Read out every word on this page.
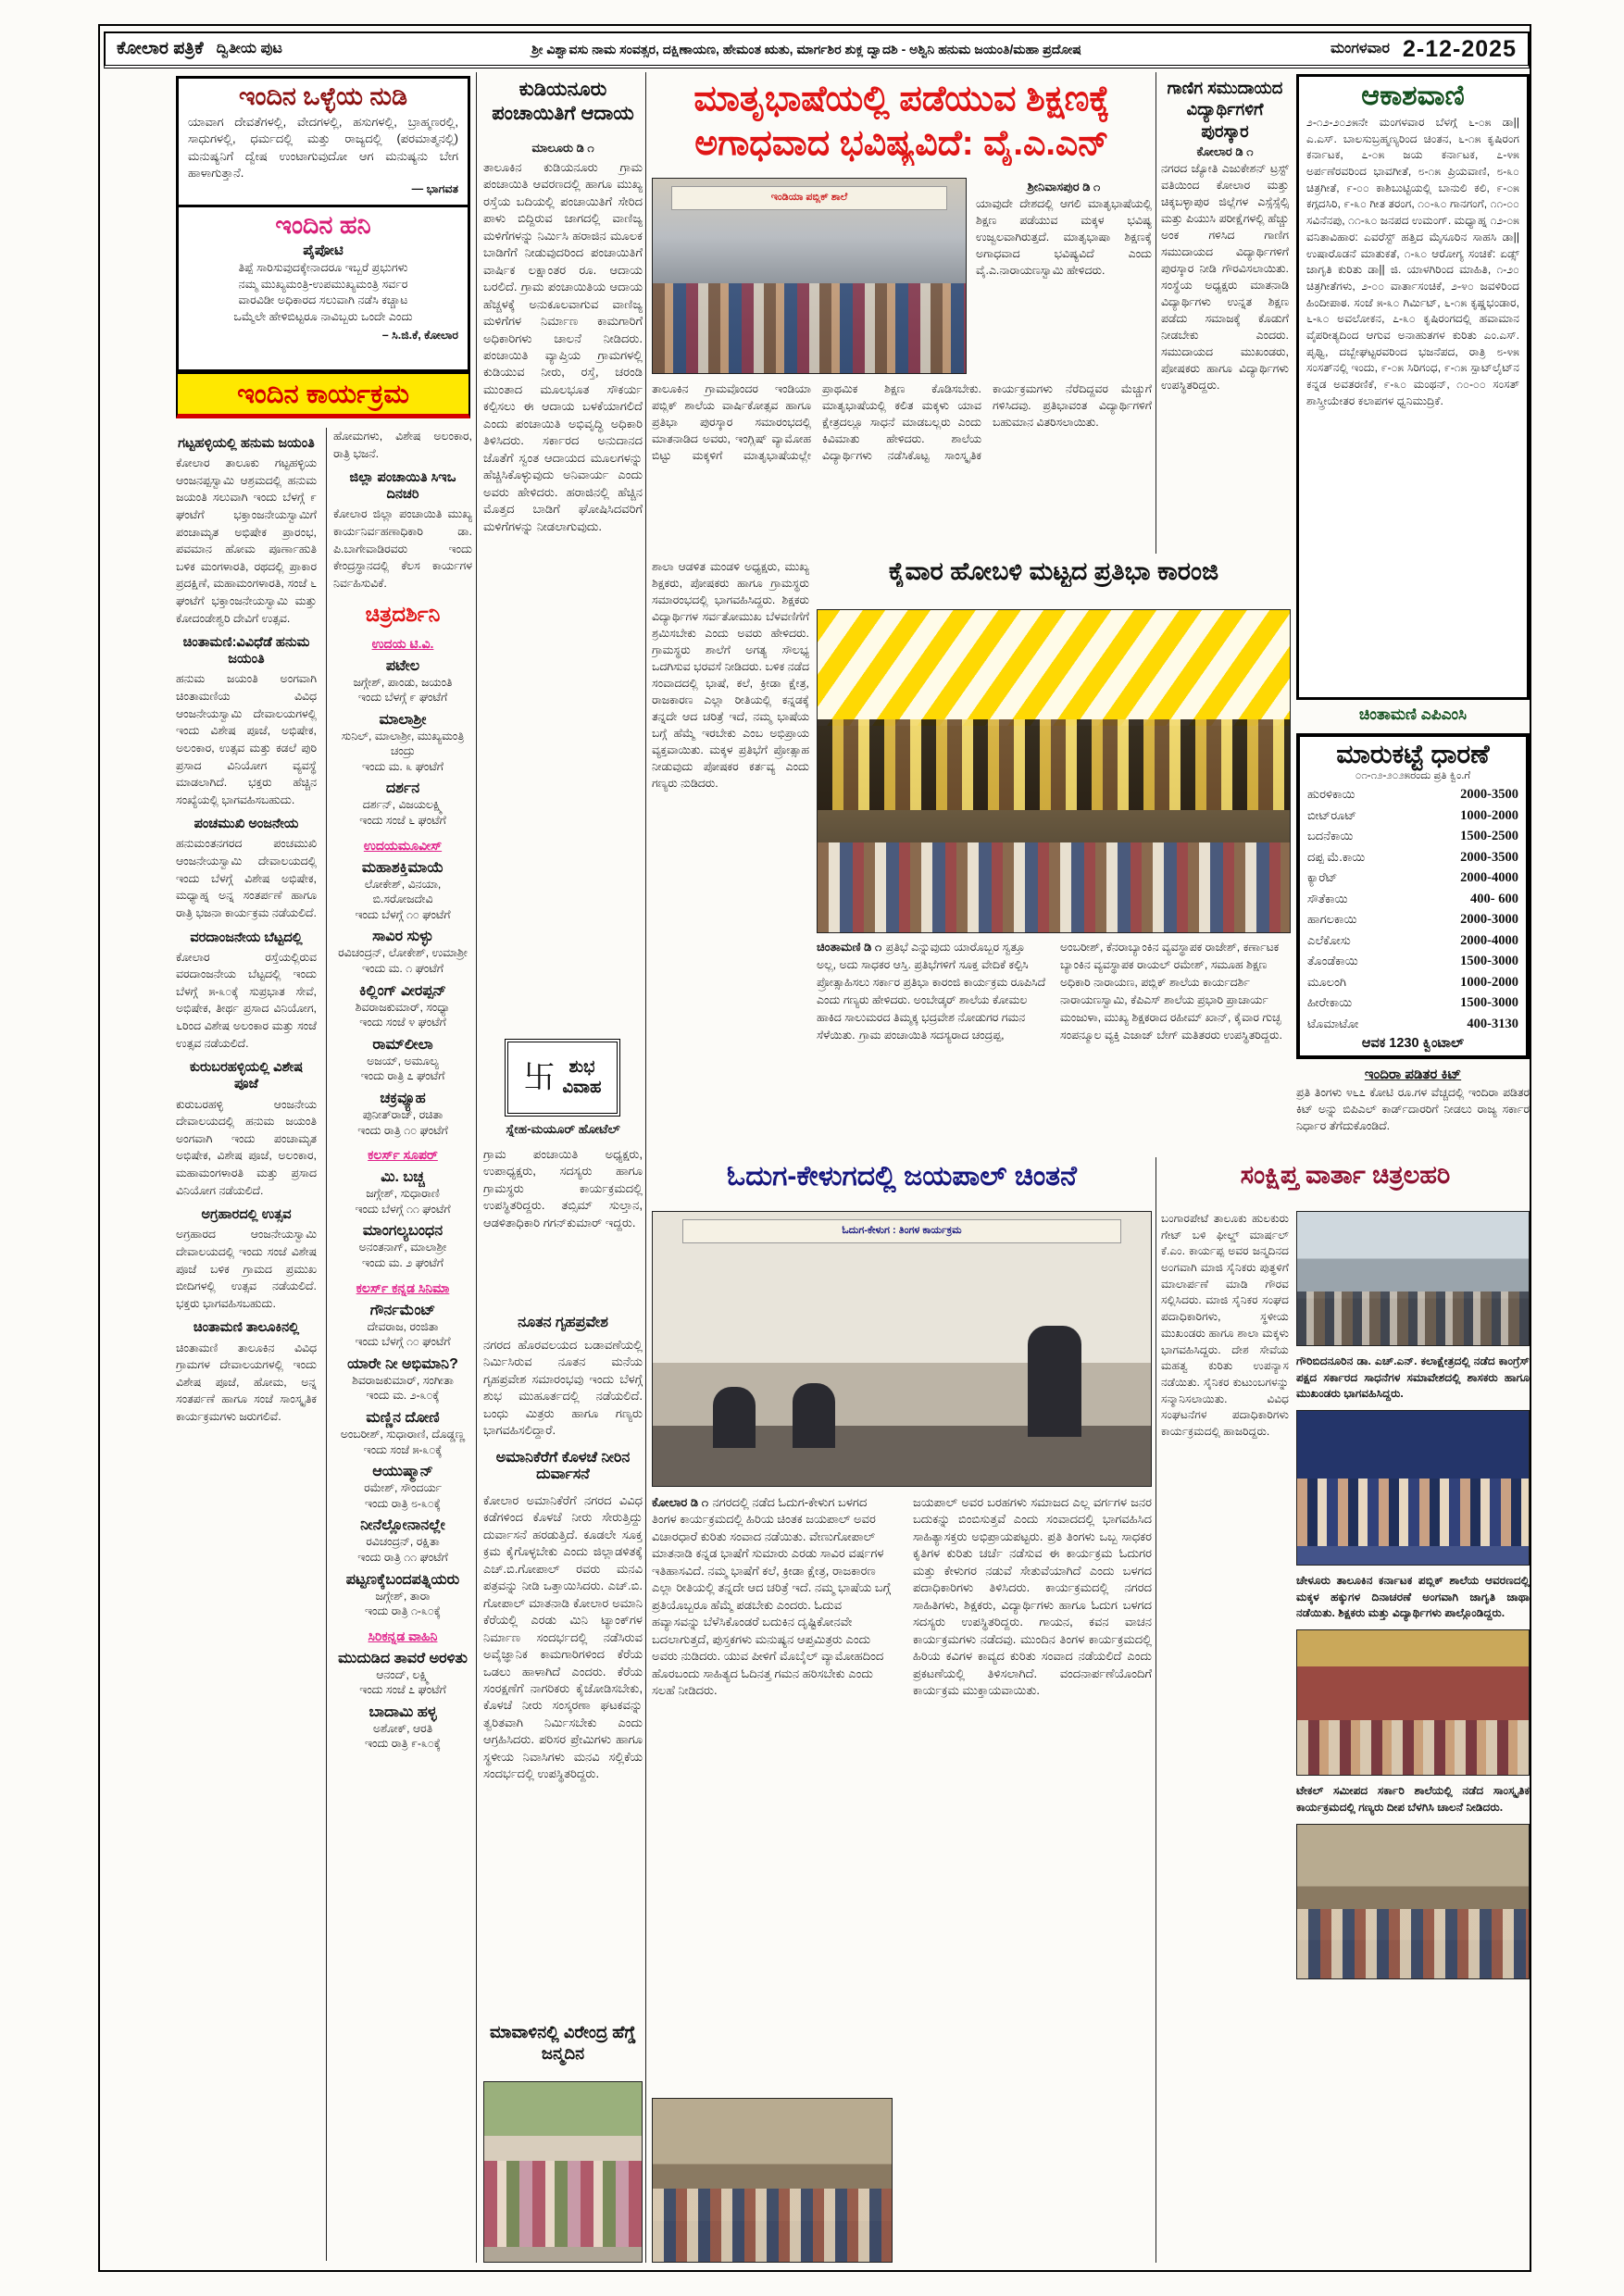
ಕೋಲಾರ ಪತ್ರಿಕೆ ದ್ವಿತೀಯ ಪುಟ	ಶ್ರೀ ವಿಶ್ವಾವಸು ನಾಮ ಸಂವತ್ಸರ, ದಕ್ಷಿಣಾಯಣ, ಹೇಮಂತ ಋತು, ಮಾರ್ಗಶಿರ ಶುಕ್ಲ ದ್ವಾದಶಿ - ಅಶ್ವಿನಿ ಹನುಮ ಜಯಂತಿ/ಮಹಾ ಪ್ರದೋಷ	ಮಂಗಳವಾರ 2-12-2025
ಇಂದಿನ ಒಳ್ಳೆಯ ನುಡಿ
ಯಾವಾಗ ದೇವತೆಗಳಲ್ಲಿ, ವೇದಗಳಲ್ಲಿ, ಹಸುಗಳಲ್ಲಿ, ಬ್ರಾಹ್ಮಣರಲ್ಲಿ, ಸಾಧುಗಳಲ್ಲಿ, ಧರ್ಮದಲ್ಲಿ ಮತ್ತು ರಾಜ್ಯದಲ್ಲಿ (ಪರಮಾತ್ಮನಲ್ಲಿ) ಮನುಷ್ಯನಿಗೆ ದ್ವೇಷ ಉಂಟಾಗುವುದೋ ಆಗ ಮನುಷ್ಯನು ಬೇಗ ಹಾಳಾಗುತ್ತಾನೆ.
— ಭಾಗವತ
ಇಂದಿನ ಹನಿ
ಪೈಪೋಟಿ
ತಿಪ್ಪೆ ಸಾರಿಸುವುದಕ್ಕೇನಾದರೂ ಇಬ್ಬರೆ ಪ್ರಭುಗಳು
ನಮ್ಮ ಮುಖ್ಯಮಂತ್ರಿ-ಉಪಮುಖ್ಯಮಂತ್ರಿ ಸರ್ವರ
ವಾರವಿಡೀ ಅಧಿಕಾರದ ಸಲುವಾಗಿ ನಡೆಸಿ ಕಚ್ಚಾಟ
ಒಮ್ಮೆಲೇ ಹೇಳಿಬಿಟ್ಟರೂ ನಾವಿಬ್ಬರು ಒಂದೇ ಎಂದು
– ಸಿ.ಜಿ.ಕೆ, ಕೋಲಾರ
ಇಂದಿನ ಕಾರ್ಯಕ್ರಮ
ಗಟ್ಟಹಳ್ಳಿಯಲ್ಲಿ ಹನುಮ ಜಯಂತಿ
ಕೋಲಾರ ತಾಲೂಕು ಗಟ್ಟಹಳ್ಳಿಯ ಆಂಜನಪ್ಪಸ್ವಾಮಿ ಆಶ್ರಮದಲ್ಲಿ ಹನುಮ ಜಯಂತಿ ಸಲುವಾಗಿ ಇಂದು ಬೆಳಗ್ಗೆ ೯ ಘಂಟೆಗೆ ಭಕ್ತಾಂಜನೇಯಸ್ವಾಮಿಗೆ ಪಂಚಾಮೃತ ಅಭಿಷೇಕ ಪ್ರಾರಂಭ, ಪವಮಾನ ಹೋಮ ಪೂರ್ಣಾಹುತಿ ಬಳಿಕ ಮಂಗಳಾರತಿ, ರಥದಲ್ಲಿ ಪ್ರಾಕಾರ ಪ್ರದಕ್ಷಿಣೆ, ಮಹಾಮಂಗಳಾರತಿ, ಸಂಜೆ ೬ ಘಂಟೆಗೆ ಭಕ್ತಾಂಜನೇಯಸ್ವಾಮಿ ಮತ್ತು ಕೋದಂಡೇಶ್ವರಿ ದೇವಿಗೆ ಉತ್ಸವ.
ಚಿಂತಾಮಣಿ:ವಿವಿಧೆಡೆ ಹನುಮ ಜಯಂತಿ
ಹನುಮ ಜಯಂತಿ ಅಂಗವಾಗಿ ಚಿಂತಾಮಣಿಯ ವಿವಿಧ ಆಂಜನೇಯಸ್ವಾಮಿ ದೇವಾಲಯಗಳಲ್ಲಿ ಇಂದು ವಿಶೇಷ ಪೂಜೆ, ಅಭಿಷೇಕ, ಅಲಂಕಾರ, ಉತ್ಸವ ಮತ್ತು ಕಡಲೆ ಪುರಿ ಪ್ರಸಾದ ವಿನಿಯೋಗ ವ್ಯವಸ್ಥೆ ಮಾಡಲಾಗಿದೆ. ಭಕ್ತರು ಹೆಚ್ಚಿನ ಸಂಖ್ಯೆಯಲ್ಲಿ ಭಾಗವಹಿಸಬಹುದು.
ಪಂಚಮುಖಿ ಅಂಜನೇಯ
ಹನುಮಂತನಗರದ ಪಂಚಮುಖಿ ಆಂಜನೇಯಸ್ವಾಮಿ ದೇವಾಲಯದಲ್ಲಿ ಇಂದು ಬೆಳಗ್ಗೆ ವಿಶೇಷ ಅಭಿಷೇಕ, ಮಧ್ಯಾಹ್ನ ಅನ್ನ ಸಂತರ್ಪಣೆ ಹಾಗೂ ರಾತ್ರಿ ಭಜನಾ ಕಾರ್ಯಕ್ರಮ ನಡೆಯಲಿದೆ.
ವರದಾಂಜನೇಯ ಬೆಟ್ಟದಲ್ಲಿ
ಕೋಲಾರ ರಸ್ತೆಯಲ್ಲಿರುವ ವರದಾಂಜನೇಯ ಬೆಟ್ಟದಲ್ಲಿ ಇಂದು ಬೆಳಗ್ಗೆ ೫-೩೦ಕ್ಕೆ ಸುಪ್ರಭಾತ ಸೇವೆ, ಅಭಿಷೇಕ, ತೀರ್ಥ ಪ್ರಸಾದ ವಿನಿಯೋಗ, ೬ರಿಂದ ವಿಶೇಷ ಅಲಂಕಾರ ಮತ್ತು ಸಂಜೆ ಉತ್ಸವ ನಡೆಯಲಿದೆ.
ಕುರುಬರಹಳ್ಳಿಯಲ್ಲಿ ವಿಶೇಷ ಪೂಜೆ
ಕುರುಬರಹಳ್ಳಿ ಆಂಜನೇಯ ದೇವಾಲಯದಲ್ಲಿ ಹನುಮ ಜಯಂತಿ ಅಂಗವಾಗಿ ಇಂದು ಪಂಚಾಮೃತ ಅಭಿಷೇಕ, ವಿಶೇಷ ಪೂಜೆ, ಅಲಂಕಾರ, ಮಹಾಮಂಗಳಾರತಿ ಮತ್ತು ಪ್ರಸಾದ ವಿನಿಯೋಗ ನಡೆಯಲಿದೆ.
ಅಗ್ರಹಾರದಲ್ಲಿ ಉತ್ಸವ
ಅಗ್ರಹಾರದ ಆಂಜನೇಯಸ್ವಾಮಿ ದೇವಾಲಯದಲ್ಲಿ ಇಂದು ಸಂಜೆ ವಿಶೇಷ ಪೂಜೆ ಬಳಿಕ ಗ್ರಾಮದ ಪ್ರಮುಖ ಬೀದಿಗಳಲ್ಲಿ ಉತ್ಸವ ನಡೆಯಲಿದೆ. ಭಕ್ತರು ಭಾಗವಹಿಸಬಹುದು.
ಚಿಂತಾಮಣಿ ತಾಲೂಕಿನಲ್ಲಿ
ಚಿಂತಾಮಣಿ ತಾಲೂಕಿನ ವಿವಿಧ ಗ್ರಾಮಗಳ ದೇವಾಲಯಗಳಲ್ಲಿ ಇಂದು ವಿಶೇಷ ಪೂಜೆ, ಹೋಮ, ಅನ್ನ ಸಂತರ್ಪಣೆ ಹಾಗೂ ಸಂಜೆ ಸಾಂಸ್ಕೃತಿಕ ಕಾರ್ಯಕ್ರಮಗಳು ಜರುಗಲಿವೆ.
ಹೋಮಗಳು, ವಿಶೇಷ ಅಲಂಕಾರ, ರಾತ್ರಿ ಭಜನೆ.
ಜಿಲ್ಲಾ ಪಂಚಾಯಿತಿ ಸಿಇಒ ದಿನಚರಿ
ಕೋಲಾರ ಜಿಲ್ಲಾ ಪಂಚಾಯಿತಿ ಮುಖ್ಯ ಕಾರ್ಯನಿರ್ವಹಣಾಧಿಕಾರಿ ಡಾ. ಪಿ.ಬಾಗೇವಾಡಿರವರು ಇಂದು ಕೇಂದ್ರಸ್ಥಾನದಲ್ಲಿ ಕೆಲಸ ಕಾರ್ಯಗಳ ನಿರ್ವಹಿಸುವಿಕೆ.
ಚಿತ್ರದರ್ಶಿನಿ
ಉದಯ ಟಿ.ವಿ.
ಪಟೇಲ
ಜಗ್ಗೇಶ್, ಪಾಂಡು, ಜಯಂತಿ
ಇಂದು ಬೆಳಗ್ಗೆ ೯ ಘಂಟೆಗೆ
ಮಾಲಾಶ್ರೀ
ಸುನಿಲ್, ಮಾಲಾಶ್ರೀ, ಮುಖ್ಯಮಂತ್ರಿ ಚಂದ್ರು
ಇಂದು ಮ. ೩ ಘಂಟೆಗೆ
ದರ್ಶನ
ದರ್ಶನ್, ವಿಜಯಲಕ್ಷ್ಮಿ
ಇಂದು ಸಂಜೆ ೬ ಘಂಟೆಗೆ
ಉದಯಮೂವೀಸ್
ಮಹಾಶಕ್ತಿಮಾಯೆ
ಲೋಕೇಶ್, ವಿನಯಾ, ಬಿ.ಸರೋಜದೇವಿ
ಇಂದು ಬೆಳಗ್ಗೆ ೧೦ ಘಂಟೆಗೆ
ಸಾವಿರ ಸುಳ್ಳು
ರವಿಚಂದ್ರನ್, ಲೋಕೇಶ್, ಉಮಾಶ್ರೀ
ಇಂದು ಮ. ೧ ಘಂಟೆಗೆ
ಕಿಲ್ಲಿಂಗ್ ವೀರಪ್ಪನ್
ಶಿವರಾಜಕುಮಾರ್, ಸಂಧ್ಯಾ
ಇಂದು ಸಂಜೆ ೪ ಘಂಟೆಗೆ
ರಾಮ್‌ಲೀಲಾ
ಅಜಯ್, ಅಮೂಲ್ಯ
ಇಂದು ರಾತ್ರಿ ೭ ಘಂಟೆಗೆ
ಚಕ್ರವ್ಯೂಹ
ಪುನೀತ್‌ರಾಜ್, ರಚಿತಾ
ಇಂದು ರಾತ್ರಿ ೧೦ ಘಂಟೆಗೆ
ಕಲರ್ಸ್ ಸೂಪರ್
ಮಿ. ಬಚ್ಚ
ಜಗ್ಗೇಶ್, ಸುಧಾರಾಣಿ
ಇಂದು ಬೆಳಗ್ಗೆ ೧೧ ಘಂಟೆಗೆ
ಮಾಂಗಲ್ಯಬಂಧನ
ಅನಂತನಾಗ್, ಮಾಲಾಶ್ರೀ
ಇಂದು ಮ. ೨ ಘಂಟೆಗೆ
ಕಲರ್ಸ್ ಕನ್ನಡ ಸಿನಿಮಾ
ಗೌರ್ನಮೆಂಟ್
ದೇವರಾಜ, ರಂಜಿತಾ
ಇಂದು ಬೆಳಗ್ಗೆ ೧೦ ಘಂಟೆಗೆ
ಯಾರೇ ನೀ ಅಭಿಮಾನಿ?
ಶಿವರಾಜಕುಮಾರ್, ಸಂಗೀತಾ
ಇಂದು ಮ. ೨-೩೦ಕ್ಕೆ
ಮಣ್ಣಿನ ದೋಣಿ
ಅಂಬರೀಶ್, ಸುಧಾರಾಣಿ, ದೊಡ್ಡಣ್ಣ
ಇಂದು ಸಂಜೆ ೫-೩೦ಕ್ಕೆ
ಆಯುಷ್ಮಾನ್
ರಮೇಶ್, ಸೌಂದರ್ಯ
ಇಂದು ರಾತ್ರಿ ೮-೩೦ಕ್ಕೆ
ನೀನೆಲ್ಲೋನಾನಲ್ಲೇ
ರವಿಚಂದ್ರನ್, ರಕ್ಷಿತಾ
ಇಂದು ರಾತ್ರಿ ೧೧ ಘಂಟೆಗೆ
ಪಟ್ಟಣಕ್ಕೆಬಂದಪತ್ನಿಯರು
ಜಗ್ಗೇಶ್, ತಾರಾ
ಇಂದು ರಾತ್ರಿ ೧-೩೦ಕ್ಕೆ
ಸಿರಿಕನ್ನಡ ವಾಹಿನಿ
ಮುದುಡಿದ ತಾವರೆ ಅರಳಿತು
ಆನಂದ್, ಲಕ್ಷ್ಮಿ
ಇಂದು ಸಂಜೆ ೭ ಘಂಟೆಗೆ
ಬಾದಾಮಿ ಹಳ್ಳ
ಅಶೋಕ್, ಆರತಿ
ಇಂದು ರಾತ್ರಿ ೯-೩೦ಕ್ಕೆ
ಕುಡಿಯನೂರು ಪಂಚಾಯಿತಿಗೆ ಆದಾಯ
ಮಾಲೂರು ಡಿ ೧
ತಾಲೂಕಿನ ಕುಡಿಯನೂರು ಗ್ರಾಮ ಪಂಚಾಯಿತಿ ಆವರಣದಲ್ಲಿ ಹಾಗೂ ಮುಖ್ಯ ರಸ್ತೆಯ ಬದಿಯಲ್ಲಿ ಪಂಚಾಯಿತಿಗೆ ಸೇರಿದ ಪಾಳು ಬಿದ್ದಿರುವ ಜಾಗದಲ್ಲಿ ವಾಣಿಜ್ಯ ಮಳಿಗೆಗಳನ್ನು ನಿರ್ಮಿಸಿ ಹರಾಜಿನ ಮೂಲಕ ಬಾಡಿಗೆಗೆ ನೀಡುವುದರಿಂದ ಪಂಚಾಯಿತಿಗೆ ವಾರ್ಷಿಕ ಲಕ್ಷಾಂತರ ರೂ. ಆದಾಯ ಬರಲಿದೆ. ಗ್ರಾಮ ಪಂಚಾಯಿತಿಯ ಆದಾಯ ಹೆಚ್ಚಳಕ್ಕೆ ಅನುಕೂಲವಾಗುವ ವಾಣಿಜ್ಯ ಮಳಿಗೆಗಳ ನಿರ್ಮಾಣ ಕಾಮಗಾರಿಗೆ ಅಧಿಕಾರಿಗಳು ಚಾಲನೆ ನೀಡಿದರು. ಪಂಚಾಯಿತಿ ವ್ಯಾಪ್ತಿಯ ಗ್ರಾಮಗಳಲ್ಲಿ ಕುಡಿಯುವ ನೀರು, ರಸ್ತೆ, ಚರಂಡಿ ಮುಂತಾದ ಮೂಲಭೂತ ಸೌಕರ್ಯ ಕಲ್ಪಿಸಲು ಈ ಆದಾಯ ಬಳಕೆಯಾಗಲಿದೆ ಎಂದು ಪಂಚಾಯಿತಿ ಅಭಿವೃದ್ಧಿ ಅಧಿಕಾರಿ ತಿಳಿಸಿದರು. ಸರ್ಕಾರದ ಅನುದಾನದ ಜೊತೆಗೆ ಸ್ವಂತ ಆದಾಯದ ಮೂಲಗಳನ್ನು ಹೆಚ್ಚಿಸಿಕೊಳ್ಳುವುದು ಅನಿವಾರ್ಯ ಎಂದು ಅವರು ಹೇಳಿದರು. ಹರಾಜಿನಲ್ಲಿ ಹೆಚ್ಚಿನ ಮೊತ್ತದ ಬಾಡಿಗೆ ಘೋಷಿಸಿದವರಿಗೆ ಮಳಿಗೆಗಳನ್ನು ನೀಡಲಾಗುವುದು.
卐 ಶುಭ
ವಿವಾಹ
ಸ್ನೇಹ-ಮಯೂರ್ ಹೋಟೆಲ್
ಗ್ರಾಮ ಪಂಚಾಯಿತಿ ಅಧ್ಯಕ್ಷರು, ಉಪಾಧ್ಯಕ್ಷರು, ಸದಸ್ಯರು ಹಾಗೂ ಗ್ರಾಮಸ್ಥರು ಕಾರ್ಯಕ್ರಮದಲ್ಲಿ ಉಪಸ್ಥಿತರಿದ್ದರು. ತಬ್ಸಿಮ್ ಸುಲ್ತಾನ, ಆಡಳಿತಾಧಿಕಾರಿ ಗಗನ್‌ಕುಮಾರ್ ಇದ್ದರು.
ನೂತನ ಗೃಹಪ್ರವೇಶ
ನಗರದ ಹೊರವಲಯದ ಬಡಾವಣೆಯಲ್ಲಿ ನಿರ್ಮಿಸಿರುವ ನೂತನ ಮನೆಯ ಗೃಹಪ್ರವೇಶ ಸಮಾರಂಭವು ಇಂದು ಬೆಳಗ್ಗೆ ಶುಭ ಮುಹೂರ್ತದಲ್ಲಿ ನಡೆಯಲಿದೆ. ಬಂಧು ಮಿತ್ರರು ಹಾಗೂ ಗಣ್ಯರು ಭಾಗವಹಿಸಲಿದ್ದಾರೆ.
ಅಮಾನಿಕೆರೆಗೆ ಕೊಳಚೆ ನೀರಿನ ದುರ್ವಾಸನೆ
ಕೋಲಾರ ಅಮಾನಿಕೆರೆಗೆ ನಗರದ ವಿವಿಧ ಕಡೆಗಳಿಂದ ಕೊಳಚೆ ನೀರು ಸೇರುತ್ತಿದ್ದು ದುರ್ವಾಸನೆ ಹರಡುತ್ತಿದೆ. ಕೂಡಲೇ ಸೂಕ್ತ ಕ್ರಮ ಕೈಗೊಳ್ಳಬೇಕು ಎಂದು ಜಿಲ್ಲಾಡಳಿತಕ್ಕೆ ಎಚ್.ಬಿ.ಗೋಪಾಲ್ ರವರು ಮನವಿ ಪತ್ರವನ್ನು ನೀಡಿ ಒತ್ತಾಯಿಸಿದರು. ಎಚ್.ಬಿ. ಗೋಪಾಲ್ ಮಾತನಾಡಿ ಕೋಲಾರ ಅಮಾನಿ ಕೆರೆಯಲ್ಲಿ ಎರಡು ಮಿನಿ ಟ್ಯಾಂಕ್‌ಗಳ ನಿರ್ಮಾಣ ಸಂದರ್ಭದಲ್ಲಿ ನಡೆಸಿರುವ ಅವೈಜ್ಞಾನಿಕ ಕಾಮಗಾರಿಗಳಿಂದ ಕೆರೆಯ ಒಡಲು ಹಾಳಾಗಿದೆ ಎಂದರು. ಕೆರೆಯ ಸಂರಕ್ಷಣೆಗೆ ನಾಗರಿಕರು ಕೈಜೋಡಿಸಬೇಕು, ಕೊಳಚೆ ನೀರು ಸಂಸ್ಕರಣಾ ಘಟಕವನ್ನು ತ್ವರಿತವಾಗಿ ನಿರ್ಮಿಸಬೇಕು ಎಂದು ಆಗ್ರಹಿಸಿದರು. ಪರಿಸರ ಪ್ರೇಮಿಗಳು ಹಾಗೂ ಸ್ಥಳೀಯ ನಿವಾಸಿಗಳು ಮನವಿ ಸಲ್ಲಿಕೆಯ ಸಂದರ್ಭದಲ್ಲಿ ಉಪಸ್ಥಿತರಿದ್ದರು.
ಮಾವಾಳಿನಲ್ಲಿ ವಿರೇಂದ್ರ ಹೆಗ್ಡೆ ಜನ್ಮದಿನ
ಮಾತೃಭಾಷೆಯಲ್ಲಿ ಪಡೆಯುವ ಶಿಕ್ಷಣಕ್ಕೆ
ಅಗಾಧವಾದ ಭವಿಷ್ಯವಿದೆ: ವೈ.ಎ.ಎನ್
ಇಂಡಿಯಾ ಪಬ್ಲಿಕ್ ಶಾಲೆ
ಶ್ರೀನಿವಾಸಪುರ ಡಿ ೧
ಯಾವುದೇ ದೇಶದಲ್ಲಿ ಆಗಲಿ ಮಾತೃಭಾಷೆಯಲ್ಲಿ ಶಿಕ್ಷಣ ಪಡೆಯುವ ಮಕ್ಕಳ ಭವಿಷ್ಯ ಉಜ್ವಲವಾಗಿರುತ್ತದೆ. ಮಾತೃಭಾಷಾ ಶಿಕ್ಷಣಕ್ಕೆ ಅಗಾಧವಾದ ಭವಿಷ್ಯವಿದೆ ಎಂದು ವೈ.ಎ.ನಾರಾಯಣಸ್ವಾಮಿ ಹೇಳಿದರು.
ತಾಲೂಕಿನ ಗ್ರಾಮವೊಂದರ ಇಂಡಿಯಾ ಪಬ್ಲಿಕ್ ಶಾಲೆಯ ವಾರ್ಷಿಕೋತ್ಸವ ಹಾಗೂ ಪ್ರತಿಭಾ ಪುರಸ್ಕಾರ ಸಮಾರಂಭದಲ್ಲಿ ಮಾತನಾಡಿದ ಅವರು, ಇಂಗ್ಲಿಷ್ ವ್ಯಾಮೋಹ ಬಿಟ್ಟು ಮಕ್ಕಳಿಗೆ ಮಾತೃಭಾಷೆಯಲ್ಲೇ ಪ್ರಾಥಮಿಕ ಶಿಕ್ಷಣ ಕೊಡಿಸಬೇಕು. ಮಾತೃಭಾಷೆಯಲ್ಲಿ ಕಲಿತ ಮಕ್ಕಳು ಯಾವ ಕ್ಷೇತ್ರದಲ್ಲೂ ಸಾಧನೆ ಮಾಡಬಲ್ಲರು ಎಂದು ಕಿವಿಮಾತು ಹೇಳಿದರು. ಶಾಲೆಯ ವಿದ್ಯಾರ್ಥಿಗಳು ನಡೆಸಿಕೊಟ್ಟ ಸಾಂಸ್ಕೃತಿಕ ಕಾರ್ಯಕ್ರಮಗಳು ನೆರೆದಿದ್ದವರ ಮೆಚ್ಚುಗೆ ಗಳಿಸಿದವು. ಪ್ರತಿಭಾವಂತ ವಿದ್ಯಾರ್ಥಿಗಳಿಗೆ ಬಹುಮಾನ ವಿತರಿಸಲಾಯಿತು.
ಶಾಲಾ ಆಡಳಿತ ಮಂಡಳಿ ಅಧ್ಯಕ್ಷರು, ಮುಖ್ಯ ಶಿಕ್ಷಕರು, ಪೋಷಕರು ಹಾಗೂ ಗ್ರಾಮಸ್ಥರು ಸಮಾರಂಭದಲ್ಲಿ ಭಾಗವಹಿಸಿದ್ದರು. ಶಿಕ್ಷಕರು ವಿದ್ಯಾರ್ಥಿಗಳ ಸರ್ವತೋಮುಖ ಬೆಳವಣಿಗೆಗೆ ಶ್ರಮಿಸಬೇಕು ಎಂದು ಅವರು ಹೇಳಿದರು. ಗ್ರಾಮಸ್ಥರು ಶಾಲೆಗೆ ಅಗತ್ಯ ಸೌಲಭ್ಯ ಒದಗಿಸುವ ಭರವಸೆ ನೀಡಿದರು. ಬಳಿಕ ನಡೆದ ಸಂವಾದದಲ್ಲಿ ಭಾಷೆ, ಕಲೆ, ಕ್ರೀಡಾ ಕ್ಷೇತ್ರ, ರಾಜಕಾರಣ ಎಲ್ಲಾ ರೀತಿಯಲ್ಲಿ ಕನ್ನಡಕ್ಕೆ ತನ್ನದೇ ಆದ ಚರಿತ್ರೆ ಇದೆ, ನಮ್ಮ ಭಾಷೆಯ ಬಗ್ಗೆ ಹೆಮ್ಮೆ ಇರಬೇಕು ಎಂಬ ಅಭಿಪ್ರಾಯ ವ್ಯಕ್ತವಾಯಿತು. ಮಕ್ಕಳ ಪ್ರತಿಭೆಗೆ ಪ್ರೋತ್ಸಾಹ ನೀಡುವುದು ಪೋಷಕರ ಕರ್ತವ್ಯ ಎಂದು ಗಣ್ಯರು ನುಡಿದರು.
ಗಾಣಿಗ ಸಮುದಾಯದ ವಿದ್ಯಾರ್ಥಿಗಳಿಗೆ ಪುರಸ್ಕಾರ
ಕೋಲಾರ ಡಿ ೧
ನಗರದ ಜ್ಯೋತಿ ಎಜುಕೇಶನ್ ಟ್ರಸ್ಟ್ ವತಿಯಿಂದ ಕೋಲಾರ ಮತ್ತು ಚಿಕ್ಕಬಳ್ಳಾಪುರ ಜಿಲ್ಲೆಗಳ ಎಸ್ಸೆಸ್ಸೆಲ್ಸಿ ಮತ್ತು ಪಿಯುಸಿ ಪರೀಕ್ಷೆಗಳಲ್ಲಿ ಹೆಚ್ಚು ಅಂಕ ಗಳಿಸಿದ ಗಾಣಿಗ ಸಮುದಾಯದ ವಿದ್ಯಾರ್ಥಿಗಳಿಗೆ ಪುರಸ್ಕಾರ ನೀಡಿ ಗೌರವಿಸಲಾಯಿತು. ಸಂಸ್ಥೆಯ ಅಧ್ಯಕ್ಷರು ಮಾತನಾಡಿ ವಿದ್ಯಾರ್ಥಿಗಳು ಉನ್ನತ ಶಿಕ್ಷಣ ಪಡೆದು ಸಮಾಜಕ್ಕೆ ಕೊಡುಗೆ ನೀಡಬೇಕು ಎಂದರು. ಸಮುದಾಯದ ಮುಖಂಡರು, ಪೋಷಕರು ಹಾಗೂ ವಿದ್ಯಾರ್ಥಿಗಳು ಉಪಸ್ಥಿತರಿದ್ದರು.
ಕೈವಾರ ಹೋಬಳಿ ಮಟ್ಟದ ಪ್ರತಿಭಾ ಕಾರಂಜಿ
ಚಿಂತಾಮಣಿ ಡಿ ೧ ಪ್ರತಿಭೆ ಎನ್ನುವುದು ಯಾರೊಬ್ಬರ ಸ್ವತ್ತೂ ಅಲ್ಲ, ಅದು ಸಾಧಕರ ಆಸ್ತಿ. ಪ್ರತಿಭೆಗಳಿಗೆ ಸೂಕ್ತ ವೇದಿಕೆ ಕಲ್ಪಿಸಿ ಪ್ರೋತ್ಸಾಹಿಸಲು ಸರ್ಕಾರ ಪ್ರತಿಭಾ ಕಾರಂಜಿ ಕಾರ್ಯಕ್ರಮ ರೂಪಿಸಿದೆ ಎಂದು ಗಣ್ಯರು ಹೇಳಿದರು. ಅಂಬೇಡ್ಕರ್ ಶಾಲೆಯ ಕೋಮಲ ಹಾಕಿದ ಸಾಲುಮರದ ತಿಮ್ಮಕ್ಕ ಭದ್ರವೇಶ ನೋಡುಗರ ಗಮನ ಸೆಳೆಯಿತು. ಗ್ರಾಮ ಪಂಚಾಯಿತಿ ಸದಸ್ಯರಾದ ಚಂದ್ರಪ್ಪ, ಅಂಬರೀಶ್, ಕೆನರಾಬ್ಯಾಂಕಿನ ವ್ಯವಸ್ಥಾಪಕ ರಾಜೇಶ್, ಕರ್ಣಾಟಕ ಬ್ಯಾಂಕಿನ ವ್ಯವಸ್ಥಾಪಕ ರಾಯಲ್ ರಮೇಶ್, ಸಮೂಹ ಶಿಕ್ಷಣ ಅಧಿಕಾರಿ ನಾರಾಯಣ, ಪಬ್ಲಿಕ್ ಶಾಲೆಯ ಕಾರ್ಯದರ್ಶಿ ನಾರಾಯಣಸ್ವಾಮಿ, ಕೆಪಿಎಸ್ ಶಾಲೆಯ ಪ್ರಭಾರಿ ಪ್ರಾಚಾರ್ಯ ಮಂಜುಳಾ, ಮುಖ್ಯ ಶಿಕ್ಷಕರಾದ ರಹೀಮ್ ಖಾನ್, ಕೈವಾರ ಗುಚ್ಛ ಸಂಪನ್ಮೂಲ ವ್ಯಕ್ತಿ ಎಜಾಜ್ ಬೇಗ್ ಮತಿತರರು ಉಪಸ್ಥಿತರಿದ್ದರು.
ಆಕಾಶವಾಣಿ
೨-೧೨-೨೦೨೫ನೇ ಮಂಗಳವಾರ ಬೆಳಗ್ಗೆ ೬-೦೫ ಡಾ|| ಎ.ಎಸ್. ಬಾಲಸುಬ್ರಹ್ಮಣ್ಯರಿಂದ ಚಿಂತನ, ೬-೧೫ ಕೃಷಿರಂಗ ಕರ್ನಾಟಕ, ೭-೦೫ ಜಯ ಕರ್ನಾಟಕ, ೭-೪೫ ಅರ್ಪಣೆರವರಿಂದ ಭಾವಗೀತೆ, ೮-೧೫ ಪ್ರಿಯವಾಣಿ, ೮-೩೦ ಚಿತ್ರಗೀತೆ, ೯-೦೦ ಕಾಶಿಬುಟ್ಟಿಯಲ್ಲಿ ಬಾನುಲಿ ಕಲಿ, ೯-೦೫ ಕಗ್ಗದಸಿರಿ, ೯-೩೦ ಗೀತ ತರಂಗ, ೧೦-೩೦ ಗಾನಗಂಗೆ, ೧೧-೦೦ ಸವಿನೆನಪು, ೧೧-೩೦ ಜನಪದ ಉಮಂಗ್. ಮಧ್ಯಾಹ್ನ ೧೨-೦೫ ವನಿತಾವಿಹಾರ: ಎವರೆಸ್ಟ್ ಹತ್ತಿದ ಮೈಸೂರಿನ ಸಾಹಸಿ ಡಾ||ಉಷಾರೊಡನೆ ಮಾತುಕತೆ, ೧-೩೦ ಆರೋಗ್ಯ ಸಂಚಿಕೆ: ಏಡ್ಸ್ ಜಾಗೃತಿ ಕುರಿತು ಡಾ|| ಜಿ. ಯಾಳಗಿರಿಂದ ಮಾಹಿತಿ, ೧-೨೦ ಚಿತ್ರಗೀತೆಗಳು, ೨-೦೦ ವಾರ್ತಾಸಂಚಿಕೆ, ೨-೪೦ ಜವಳಿರಿಂದ ಹಿಂದೀಪಾಠ. ಸಂಜೆ ೫-೩೦ ಗಿರ್ಮಿಟ್, ೬-೧೫ ಕೃಷ್ಣಭಂಡಾರ, ೬-೩೦ ಅವಲೋಕನ, ೭-೩೦ ಕೃಷಿರಂಗದಲ್ಲಿ ಹವಾಮಾನ ವೈಪರೀತ್ಯದಿಂದ ಆಗುವ ಅನಾಹುತಗಳ ಕುರಿತು ಎಂ.ಎಸ್. ಪೃಥ್ವಿ, ದಬ್ಬೇಘಟ್ಟರವರಿಂದ ಭಜನೆಪದ, ರಾತ್ರಿ ೮-೪೫ ಸಂಸತ್‌ನಲ್ಲಿ ಇಂದು, ೯-೦೫ ಸಿರಿಗಂಧ, ೯-೧೫ ಸ್ಪಾಟ್‌ಲೈಟ್‌ನ ಕನ್ನಡ ಅವತರಣಿಕೆ, ೯-೩೦ ಮಂಥನ್, ೧೦-೦೦ ಸಂಸತ್ ಶಾಸ್ತ್ರೀಯೇತರ ಕಲಾಪಗಳ ಧ್ವನಿಮುದ್ರಿಕೆ.
ಚಿಂತಾಮಣಿ ಎಪಿಎಂಸಿ
ಮಾರುಕಟ್ಟೆ ಧಾರಣೆ
೦೧-೧೨-೨೦೨೫ರಂದು ಪ್ರತಿ ಕ್ವಿಂ.ಗೆ
ಹುರಳಿಕಾಯಿ	2000-3500
ಬೀಟ್‌ರೂಟ್	1000-2000
ಬದನೆಕಾಯಿ	1500-2500
ದಪ್ಪ ಮೆ.ಕಾಯಿ	2000-3500
ಕ್ಯಾರೆಟ್	2000-4000
ಸೌತೆಕಾಯಿ	400- 600
ಹಾಗಲಕಾಯಿ	2000-3000
ಎಲೆಕೋಸು	2000-4000
ತೊಂಡೆಕಾಯಿ	1500-3000
ಮೂಲಂಗಿ	1000-2000
ಹೀರೇಕಾಯಿ	1500-3000
ಟೊಮಾಟೋ	400-3130
ಆವಕ 1230 ಕ್ವಿಂಟಾಲ್
ಇಂದಿರಾ ಪಡಿತರ ಕಿಟ್
ಪ್ರತಿ ತಿಂಗಳು ೪೬೭ ಕೋಟಿ ರೂ.ಗಳ ವೆಚ್ಚದಲ್ಲಿ ಇಂದಿರಾ ಪಡಿತರ ಕಿಟ್ ಅನ್ನು ಬಿಪಿಎಲ್ ಕಾರ್ಡ್‌ದಾರರಿಗೆ ನೀಡಲು ರಾಜ್ಯ ಸರ್ಕಾರ ನಿರ್ಧಾರ ತೆಗೆದುಕೊಂಡಿದೆ.
ಓದುಗ-ಕೇಳುಗದಲ್ಲಿ ಜಯಪಾಲ್ ಚಿಂತನೆ
ಓದುಗ-ಕೇಳುಗ : ತಿಂಗಳ ಕಾರ್ಯಕ್ರಮ
ಕೋಲಾರ ಡಿ ೧ ನಗರದಲ್ಲಿ ನಡೆದ ಓದುಗ-ಕೇಳುಗ ಬಳಗದ ತಿಂಗಳ ಕಾರ್ಯಕ್ರಮದಲ್ಲಿ ಹಿರಿಯ ಚಿಂತಕ ಜಯಪಾಲ್ ಅವರ ವಿಚಾರಧಾರೆ ಕುರಿತು ಸಂವಾದ ನಡೆಯಿತು. ವೇಣುಗೋಪಾಲ್ ಮಾತನಾಡಿ ಕನ್ನಡ ಭಾಷೆಗೆ ಸುಮಾರು ಎರಡು ಸಾವಿರ ವರ್ಷಗಳ ಇತಿಹಾಸವಿದೆ. ನಮ್ಮ ಭಾಷೆಗೆ ಕಲೆ, ಕ್ರೀಡಾ ಕ್ಷೇತ್ರ, ರಾಜಕಾರಣ ಎಲ್ಲಾ ರೀತಿಯಲ್ಲಿ ತನ್ನದೇ ಆದ ಚರಿತ್ರೆ ಇದೆ. ನಮ್ಮ ಭಾಷೆಯ ಬಗ್ಗೆ ಪ್ರತಿಯೊಬ್ಬರೂ ಹೆಮ್ಮೆ ಪಡಬೇಕು ಎಂದರು. ಓದುವ ಹವ್ಯಾಸವನ್ನು ಬೆಳೆಸಿಕೊಂಡರೆ ಬದುಕಿನ ದೃಷ್ಟಿಕೋನವೇ ಬದಲಾಗುತ್ತದೆ, ಪುಸ್ತಕಗಳು ಮನುಷ್ಯನ ಆಪ್ತಮಿತ್ರರು ಎಂದು ಅವರು ನುಡಿದರು. ಯುವ ಪೀಳಿಗೆ ಮೊಬೈಲ್ ವ್ಯಾಮೋಹದಿಂದ ಹೊರಬಂದು ಸಾಹಿತ್ಯದ ಓದಿನತ್ತ ಗಮನ ಹರಿಸಬೇಕು ಎಂದು ಸಲಹೆ ನೀಡಿದರು.
ಜಯಪಾಲ್ ಅವರ ಬರಹಗಳು ಸಮಾಜದ ಎಲ್ಲ ವರ್ಗಗಳ ಜನರ ಬದುಕನ್ನು ಬಿಂಬಿಸುತ್ತವೆ ಎಂದು ಸಂವಾದದಲ್ಲಿ ಭಾಗವಹಿಸಿದ ಸಾಹಿತ್ಯಾಸಕ್ತರು ಅಭಿಪ್ರಾಯಪಟ್ಟರು. ಪ್ರತಿ ತಿಂಗಳು ಒಬ್ಬ ಸಾಧಕರ ಕೃತಿಗಳ ಕುರಿತು ಚರ್ಚೆ ನಡೆಸುವ ಈ ಕಾರ್ಯಕ್ರಮ ಓದುಗರ ಮತ್ತು ಕೇಳುಗರ ನಡುವೆ ಸೇತುವೆಯಾಗಿದೆ ಎಂದು ಬಳಗದ ಪದಾಧಿಕಾರಿಗಳು ತಿಳಿಸಿದರು. ಕಾರ್ಯಕ್ರಮದಲ್ಲಿ ನಗರದ ಸಾಹಿತಿಗಳು, ಶಿಕ್ಷಕರು, ವಿದ್ಯಾರ್ಥಿಗಳು ಹಾಗೂ ಓದುಗ ಬಳಗದ ಸದಸ್ಯರು ಉಪಸ್ಥಿತರಿದ್ದರು. ಗಾಯನ, ಕವನ ವಾಚನ ಕಾರ್ಯಕ್ರಮಗಳು ನಡೆದವು. ಮುಂದಿನ ತಿಂಗಳ ಕಾರ್ಯಕ್ರಮದಲ್ಲಿ ಹಿರಿಯ ಕವಿಗಳ ಕಾವ್ಯದ ಕುರಿತು ಸಂವಾದ ನಡೆಯಲಿದೆ ಎಂದು ಪ್ರಕಟಣೆಯಲ್ಲಿ ತಿಳಿಸಲಾಗಿದೆ. ವಂದನಾರ್ಪಣೆಯೊಂದಿಗೆ ಕಾರ್ಯಕ್ರಮ ಮುಕ್ತಾಯವಾಯಿತು.
ಸಂಕ್ಷಿಪ್ತ ವಾರ್ತಾ ಚಿತ್ರಲಹರಿ
ಬಂಗಾರಪೇಟೆ ತಾಲೂಕು ಹುಲಕುರು ಗೇಟ್ ಬಳಿ ಫೀಲ್ಡ್ ಮಾರ್ಷಲ್ ಕೆ.ಎಂ. ಕಾರ್ಯಪ್ಪ ಅವರ ಜನ್ಮದಿನದ ಅಂಗವಾಗಿ ಮಾಜಿ ಸೈನಿಕರು ಪುತ್ಥಳಿಗೆ ಮಾಲಾರ್ಪಣೆ ಮಾಡಿ ಗೌರವ ಸಲ್ಲಿಸಿದರು. ಮಾಜಿ ಸೈನಿಕರ ಸಂಘದ ಪದಾಧಿಕಾರಿಗಳು, ಸ್ಥಳೀಯ ಮುಖಂಡರು ಹಾಗೂ ಶಾಲಾ ಮಕ್ಕಳು ಭಾಗವಹಿಸಿದ್ದರು. ದೇಶ ಸೇವೆಯ ಮಹತ್ವ ಕುರಿತು ಉಪನ್ಯಾಸ ನಡೆಯಿತು. ಸೈನಿಕರ ಕುಟುಂಬಗಳನ್ನು ಸನ್ಮಾನಿಸಲಾಯಿತು. ವಿವಿಧ ಸಂಘಟನೆಗಳ ಪದಾಧಿಕಾರಿಗಳು ಕಾರ್ಯಕ್ರಮದಲ್ಲಿ ಹಾಜರಿದ್ದರು.
ಗೌರಿಬಿದನೂರಿನ ಡಾ. ಎಚ್.ಎನ್. ಕಲಾಕ್ಷೇತ್ರದಲ್ಲಿ ನಡೆದ ಕಾಂಗ್ರೆಸ್ ಪಕ್ಷದ ಸರ್ಕಾರದ ಸಾಧನೆಗಳ ಸಮಾವೇಶದಲ್ಲಿ ಶಾಸಕರು ಹಾಗೂ ಮುಖಂಡರು ಭಾಗವಹಿಸಿದ್ದರು.
ಚೇಳೂರು ತಾಲೂಕಿನ ಕರ್ನಾಟಕ ಪಬ್ಲಿಕ್ ಶಾಲೆಯ ಆವರಣದಲ್ಲಿ ಮಕ್ಕಳ ಹಕ್ಕುಗಳ ದಿನಾಚರಣೆ ಅಂಗವಾಗಿ ಜಾಗೃತಿ ಜಾಥಾ ನಡೆಯಿತು. ಶಿಕ್ಷಕರು ಮತ್ತು ವಿದ್ಯಾರ್ಥಿಗಳು ಪಾಲ್ಗೊಂಡಿದ್ದರು.
ಟೇಕಲ್ ಸಮೀಪದ ಸರ್ಕಾರಿ ಶಾಲೆಯಲ್ಲಿ ನಡೆದ ಸಾಂಸ್ಕೃತಿಕ ಕಾರ್ಯಕ್ರಮದಲ್ಲಿ ಗಣ್ಯರು ದೀಪ ಬೆಳಗಿಸಿ ಚಾಲನೆ ನೀಡಿದರು.
